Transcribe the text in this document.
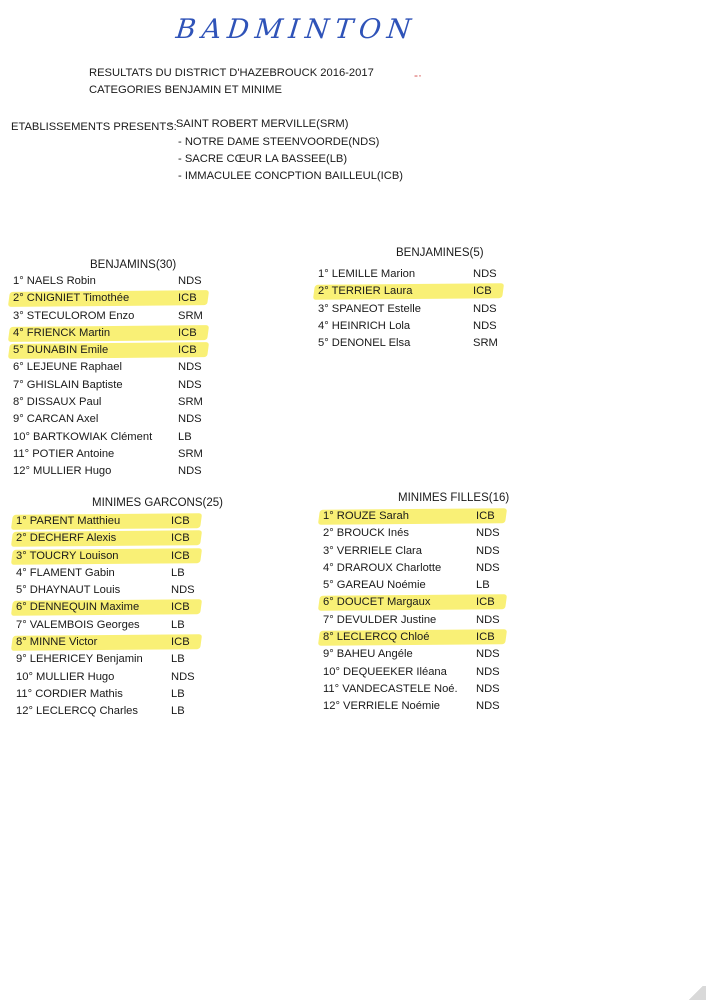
BADMINTON
-·
RESULTATS DU DISTRICT D'HAZEBROUCK 2016-2017
CATEGORIES BENJAMIN ET MINIME
ETABLISSEMENTS PRESENTS:
- SAINT ROBERT MERVILLE(SRM)
- NOTRE DAME STEENVOORDE(NDS)
- SACRE CŒUR LA BASSEE(LB)
- IMMACULEE CONCPTION BAILLEUL(ICB)
BENJAMINS(30)
1° NAELS Robin	NDS
2° CNIGNIET Timothée	ICB
3° STECULOROM Enzo	SRM
4° FRIENCK Martin	ICB
5° DUNABIN Emile	ICB
6° LEJEUNE Raphael	NDS
7° GHISLAIN Baptiste	NDS
8° DISSAUX Paul	SRM
9° CARCAN Axel	NDS
10° BARTKOWIAK Clément LB
11° POTIER Antoine	SRM
12° MULLIER Hugo	NDS
BENJAMINES(5)
1° LEMILLE Marion	NDS
2° TERRIER Laura	ICB
3° SPANEOT Estelle	NDS
4° HEINRICH Lola	NDS
5° DENONEL Elsa	SRM
MINIMES GARCONS(25)
1° PARENT Matthieu	ICB
2° DECHERF Alexis	ICB
3° TOUCRY Louison	ICB
4° FLAMENT Gabin	LB
5° DHAYNAUT Louis	NDS
6° DENNEQUIN Maxime	ICB
7° VALEMBOIS Georges	LB
8° MINNE Victor	ICB
9° LEHERICEY Benjamin	LB
10° MULLIER Hugo	NDS
11° CORDIER Mathis	LB
12° LECLERCQ Charles	LB
MINIMES FILLES(16)
1° ROUZE Sarah	ICB
2° BROUCK Inés	NDS
3° VERRIELE Clara	NDS
4° DRAROUX Charlotte	NDS
5° GAREAU Noémie	LB
6° DOUCET Margaux	ICB
7° DEVULDER Justine	NDS
8° LECLERCQ Chloé	ICB
9° BAHEU Angéle	NDS
10° DEQUEEKER Iléana	NDS
11° VANDECASTELE Noé. NDS
12° VERRIELE Noémie	NDS
